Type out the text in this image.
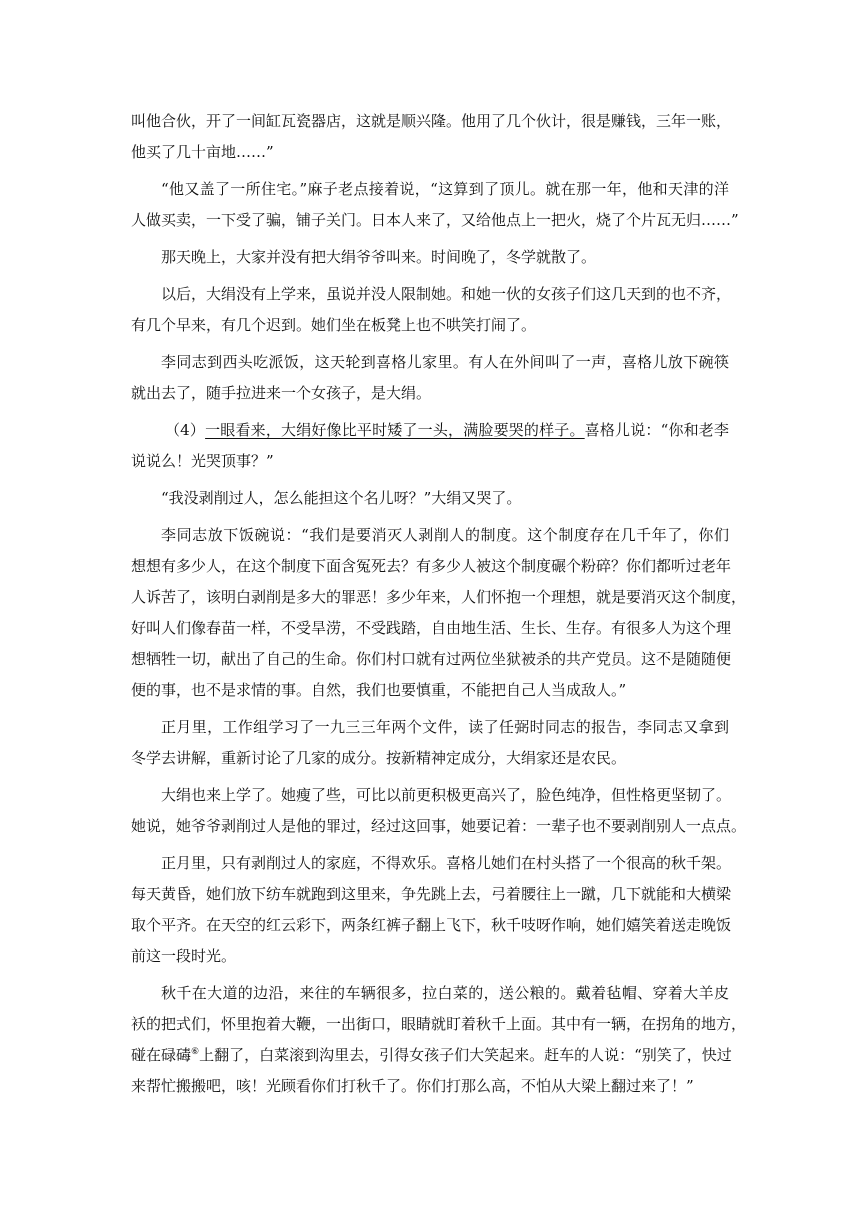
叫他合伙，开了一间缸瓦瓷器店，这就是顺兴隆。他用了几个伙计，很是赚钱，三年一账，
他买了几十亩地……”
“他又盖了一所住宅。”麻子老点接着说，“这算到了顶儿。就在那一年，他和天津的洋
人做买卖，一下受了骗，铺子关门。日本人来了，又给他点上一把火，烧了个片瓦无归……”
那天晚上，大家并没有把大绢爷爷叫来。时间晚了，冬学就散了。
以后，大绢没有上学来，虽说并没人限制她。和她一伙的女孩子们这几天到的也不齐，
有几个早来，有几个迟到。她们坐在板凳上也不哄笑打闹了。
李同志到西头吃派饭，这天轮到喜格儿家里。有人在外间叫了一声，喜格儿放下碗筷
就出去了，随手拉进来一个女孩子，是大绢。
（4）一眼看来，大绢好像比平时矮了一头，满脸要哭的样子。喜格儿说：“你和老李
说说么！光哭顶事？”
“我没剥削过人，怎么能担这个名儿呀？”大绢又哭了。
李同志放下饭碗说：“我们是要消灭人剥削人的制度。这个制度存在几千年了，你们
想想有多少人，在这个制度下面含冤死去？有多少人被这个制度碾个粉碎？你们都听过老年
人诉苦了，该明白剥削是多大的罪恶！多少年来，人们怀抱一个理想，就是要消灭这个制度，
好叫人们像春苗一样，不受旱涝，不受践踏，自由地生活、生长、生存。有很多人为这个理
想牺牲一切，献出了自己的生命。你们村口就有过两位坐狱被杀的共产党员。这不是随随便
便的事，也不是求情的事。自然，我们也要慎重，不能把自己人当成敌人。”
正月里，工作组学习了一九三三年两个文件，读了任弼时同志的报告，李同志又拿到
冬学去讲解，重新讨论了几家的成分。按新精神定成分，大绢家还是农民。
大绢也来上学了。她瘦了些，可比以前更积极更高兴了，脸色纯净，但性格更坚韧了。
她说，她爷爷剥削过人是他的罪过，经过这回事，她要记着：一辈子也不要剥削别人一点点。
正月里，只有剥削过人的家庭，不得欢乐。喜格儿她们在村头搭了一个很高的秋千架。
每天黄昏，她们放下纺车就跑到这里来，争先跳上去，弓着腰往上一蹴，几下就能和大横梁
取个平齐。在天空的红云彩下，两条红裤子翻上飞下，秋千吱呀作响，她们嬉笑着送走晚饭
前这一段时光。
秋千在大道的边沿，来往的车辆很多，拉白菜的，送公粮的。戴着毡帽、穿着大羊皮
袄的把式们，怀里抱着大鞭，一出街口，眼睛就盯着秋千上面。其中有一辆，在拐角的地方，
碰在碌碡⑥上翻了，白菜滚到沟里去，引得女孩子们大笑起来。赶车的人说：“别笑了，快过
来帮忙搬搬吧，咳！光顾看你们打秋千了。你们打那么高，不怕从大梁上翻过来了！”
